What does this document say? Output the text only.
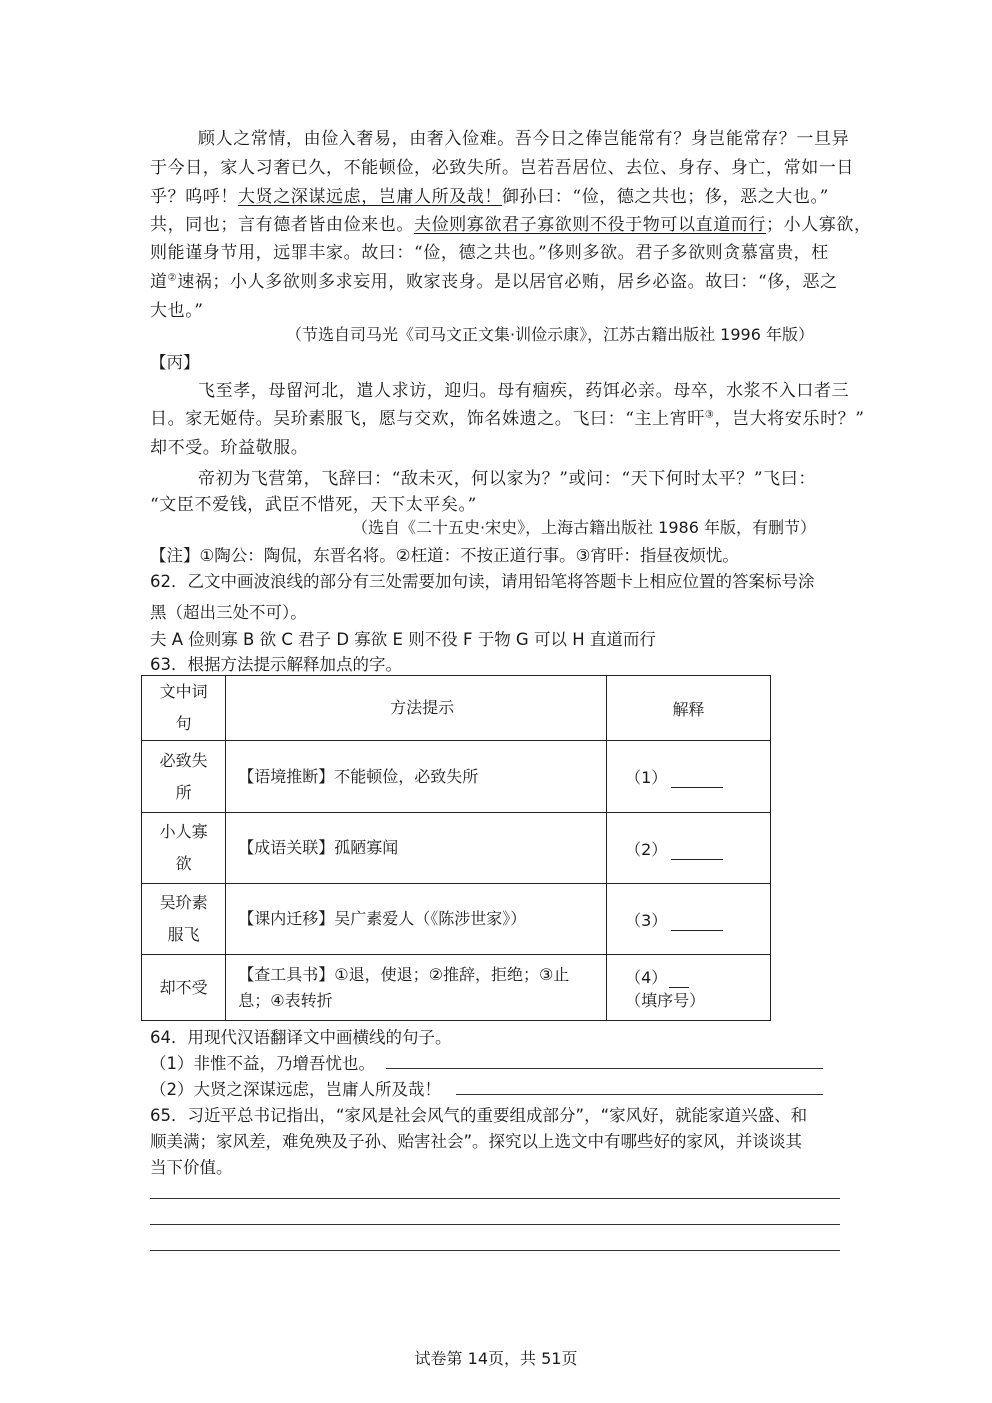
顾人之常情，由俭入奢易，由奢入俭难。吾今日之俸岂能常有？身岂能常存？一旦异
于今日，家人习奢已久，不能顿俭，必致失所。岂若吾居位、去位、身存、身亡，常如一日
乎？呜呼！大贤之深谋远虑，岂庸人所及哉！御孙曰：“俭，德之共也；侈，恶之大也。”
共，同也；言有德者皆由俭来也。夫俭则寡欲君子寡欲则不役于物可以直道而行；小人寡欲，
则能谨身节用，远罪丰家。故曰：“俭，德之共也。”侈则多欲。君子多欲则贪慕富贵，枉
道②速祸；小人多欲则多求妄用，败家丧身。是以居官必贿，居乡必盗。故曰：“侈，恶之
大也。”
（节选自司马光《司马文正文集·训俭示康》，江苏古籍出版社 1996 年版）
【丙】
飞至孝，母留河北，遣人求访，迎归。母有痼疾，药饵必亲。母卒，水浆不入口者三
日。家无姬侍。吴玠素服飞，愿与交欢，饰名姝遗之。飞曰：“主上宵旰③，岂大将安乐时？”
却不受。玠益敬服。
帝初为飞营第，飞辞曰：“敌未灭，何以家为？”或问：“天下何时太平？”飞曰：
“文臣不爱钱，武臣不惜死，天下太平矣。”
（选自《二十五史·宋史》，上海古籍出版社 1986 年版，有删节）
【注】①陶公：陶侃，东晋名将。②枉道：不按正道行事。③宵旰：指昼夜烦忧。
62．乙文中画波浪线的部分有三处需要加句读，请用铅笔将答题卡上相应位置的答案标号涂
黑（超出三处不可）。
夫 A 俭则寡 B 欲 C 君子 D 寡欲 E 则不役 F 于物 G 可以 H 直道而行
63．根据方法提示解释加点的字。
文中词
句	方法提示	解释

必致失
所	【语境推断】不能顿俭，必致失所	（1）

小人寡
欲	【成语关联】孤陋寡闻	（2）

吴玠素
服飞	【课内迁移】吴广素爱人（《陈涉世家》）	（3）

却不受	【查工具书】①退，使退；②推辞，拒绝；③止
息；④表转折	（4）（填序号）
64．用现代汉语翻译文中画横线的句子。
（1）非惟不益，乃增吾忧也。
（2）大贤之深谋远虑，岂庸人所及哉！
65．习近平总书记指出，“家风是社会风气的重要组成部分”，“家风好，就能家道兴盛、和
顺美满；家风差，难免殃及子孙、贻害社会”。探究以上选文中有哪些好的家风，并谈谈其
当下价值。
试卷第 14页，共 51页
